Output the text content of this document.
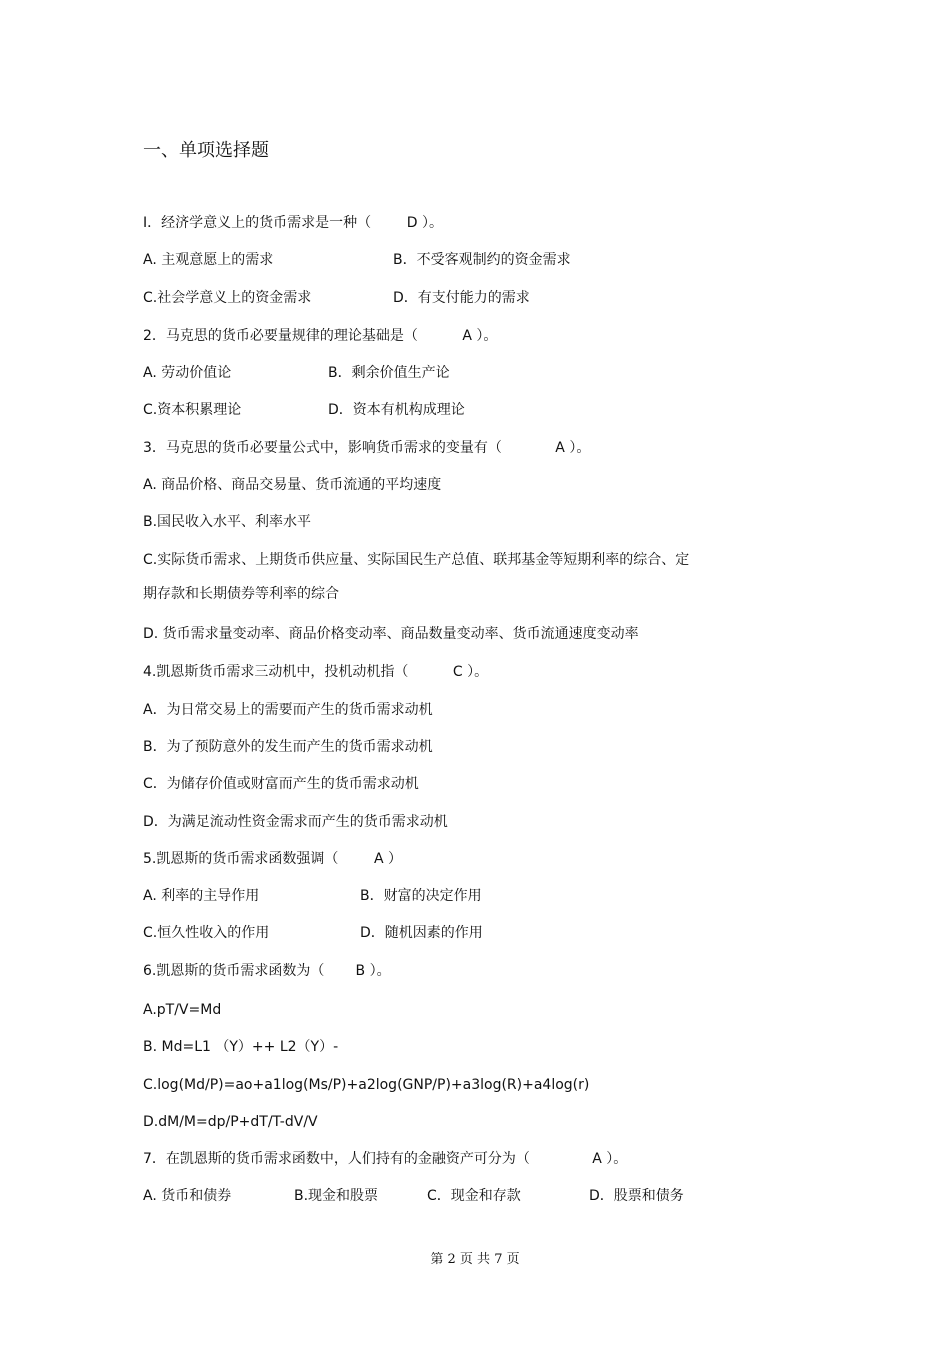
一、单项选择题
I．经济学意义上的货币需求是一种（        D ）。
A. 主观意愿上的需求	B．不受客观制约的资金需求
C.社会学意义上的资金需求	D．有支付能力的需求
2．马克思的货币必要量规律的理论基础是（          A ）。
A. 劳动价值论	B．剩余价值生产论
C.资本积累理论	D．资本有机构成理论
3．马克思的货币必要量公式中，影响货币需求的变量有（            A ）。
A. 商品价格、商品交易量、货币流通的平均速度
B.国民收入水平、利率水平
C.实际货币需求、上期货币供应量、实际国民生产总值、联邦基金等短期利率的综合、定
期存款和长期债券等利率的综合
D. 货币需求量变动率、商品价格变动率、商品数量变动率、货币流通速度变动率
4.凯恩斯货币需求三动机中，投机动机指（          C ）。
A．为日常交易上的需要而产生的货币需求动机
B．为了预防意外的发生而产生的货币需求动机
C．为储存价值或财富而产生的货币需求动机
D．为满足流动性资金需求而产生的货币需求动机
5.凯恩斯的货币需求函数强调（        A ）
A. 利率的主导作用	B．财富的决定作用
C.恒久性收入的作用	D．随机因素的作用
6.凯恩斯的货币需求函数为（       B ）。
A.pT/V=Md
B. Md=L1 （Y）++ L2（Y）-
C.log(Md/P)=ao+a1log(Ms/P)+a2log(GNP/P)+a3log(R)+a4log(r)
D.dM/M=dp/P+dT/T-dV/V
7．在凯恩斯的货币需求函数中，人们持有的金融资产可分为（              A ）。
A. 货币和债券	B.现金和股票	C．现金和存款	D．股票和债务
第 2 页 共 7 页
